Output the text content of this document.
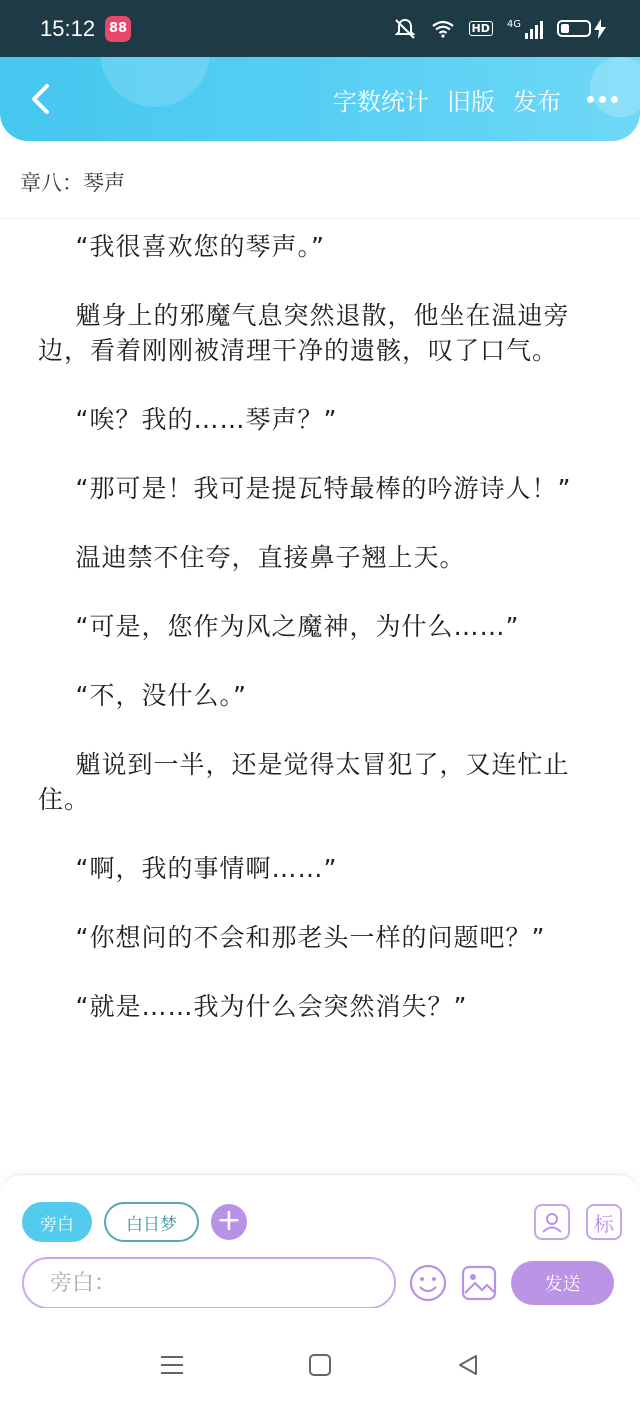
15:12	88	HD	4G
字数统计 旧版 发布
章八：琴声

“我很喜欢您的琴声。”

魈身上的邪魔气息突然退散，他坐在温迪旁边，看着刚刚被清理干净的遗骸，叹了口气。

“唉？我的……琴声？”

“那可是！我可是提瓦特最棒的吟游诗人！”

温迪禁不住夸，直接鼻子翘上天。

“可是，您作为风之魔神，为什么……”

“不，没什么。”

魈说到一半，还是觉得太冒犯了，又连忙止住。

“啊，我的事情啊……”

“你想问的不会和那老头一样的问题吧？”

“就是……我为什么会突然消失？”

旁白	白日梦	+	标
旁白：
发送
